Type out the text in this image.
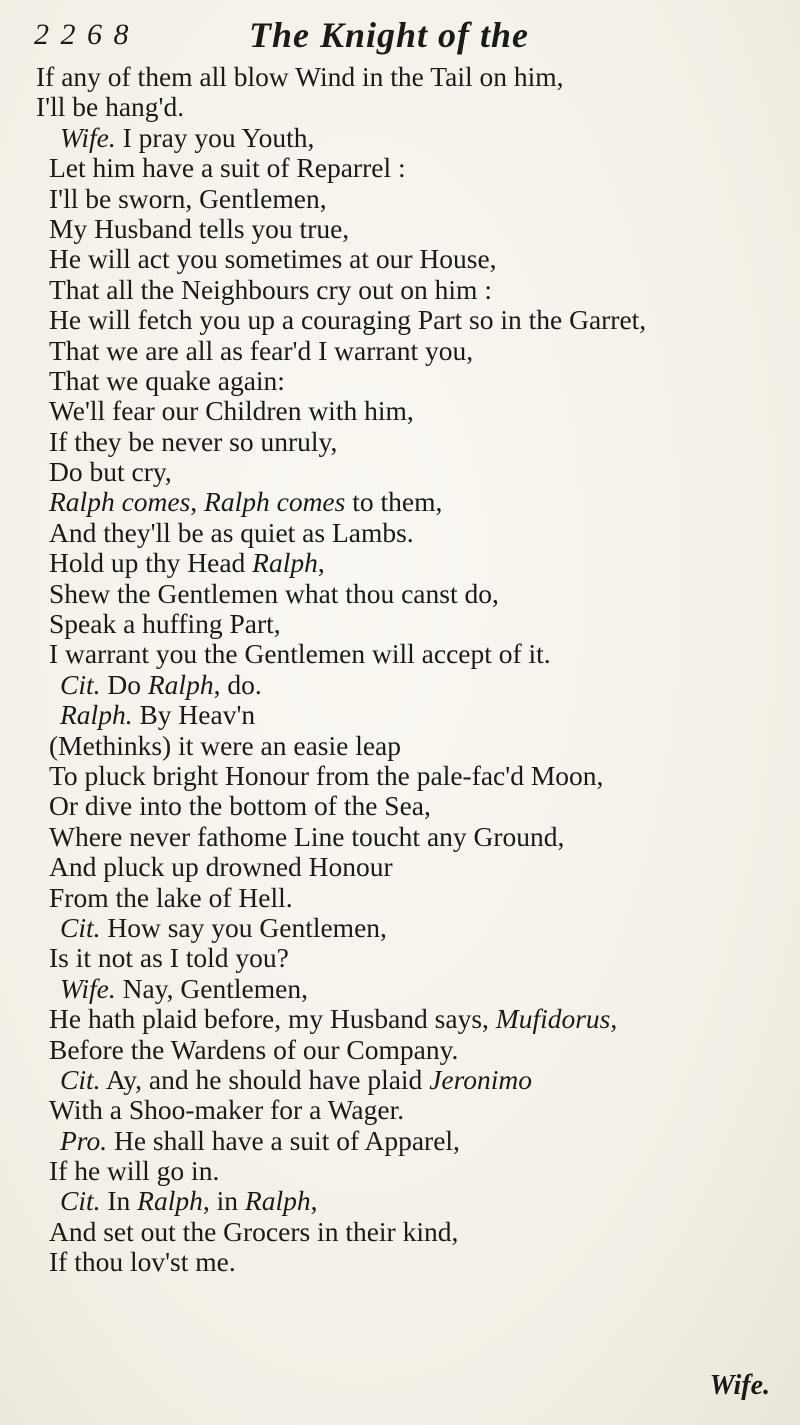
2 2 6 8	The Knight of the
If any of them all blow Wind in the Tail on him,
I'll be hang'd.
Wife. I pray you Youth,
Let him have a suit of Reparrel :
I'll be sworn, Gentlemen,
My Husband tells you true,
He will act you sometimes at our House,
That all the Neighbours cry out on him :
He will fetch you up a couraging Part so in the Garret,
That we are all as fear'd I warrant you,
That we quake again:
We'll fear our Children with him,
If they be never so unruly,
Do but cry,
Ralph comes, Ralph comes to them,
And they'll be as quiet as Lambs.
Hold up thy Head Ralph,
Shew the Gentlemen what thou canst do,
Speak a huffing Part,
I warrant you the Gentlemen will accept of it.
Cit. Do Ralph, do.
Ralph. By Heav'n
(Methinks) it were an easie leap
To pluck bright Honour from the pale-fac'd Moon,
Or dive into the bottom of the Sea,
Where never fathome Line toucht any Ground,
And pluck up drowned Honour
From the lake of Hell.
Cit. How say you Gentlemen,
Is it not as I told you?
Wife. Nay, Gentlemen,
He hath plaid before, my Husband says, Mufidorus,
Before the Wardens of our Company.
Cit. Ay, and he should have plaid Jeronimo
With a Shoo-maker for a Wager.
Pro. He shall have a suit of Apparel,
If he will go in.
Cit. In Ralph, in Ralph,
And set out the Grocers in their kind,
If thou lov'st me.
Wife.
